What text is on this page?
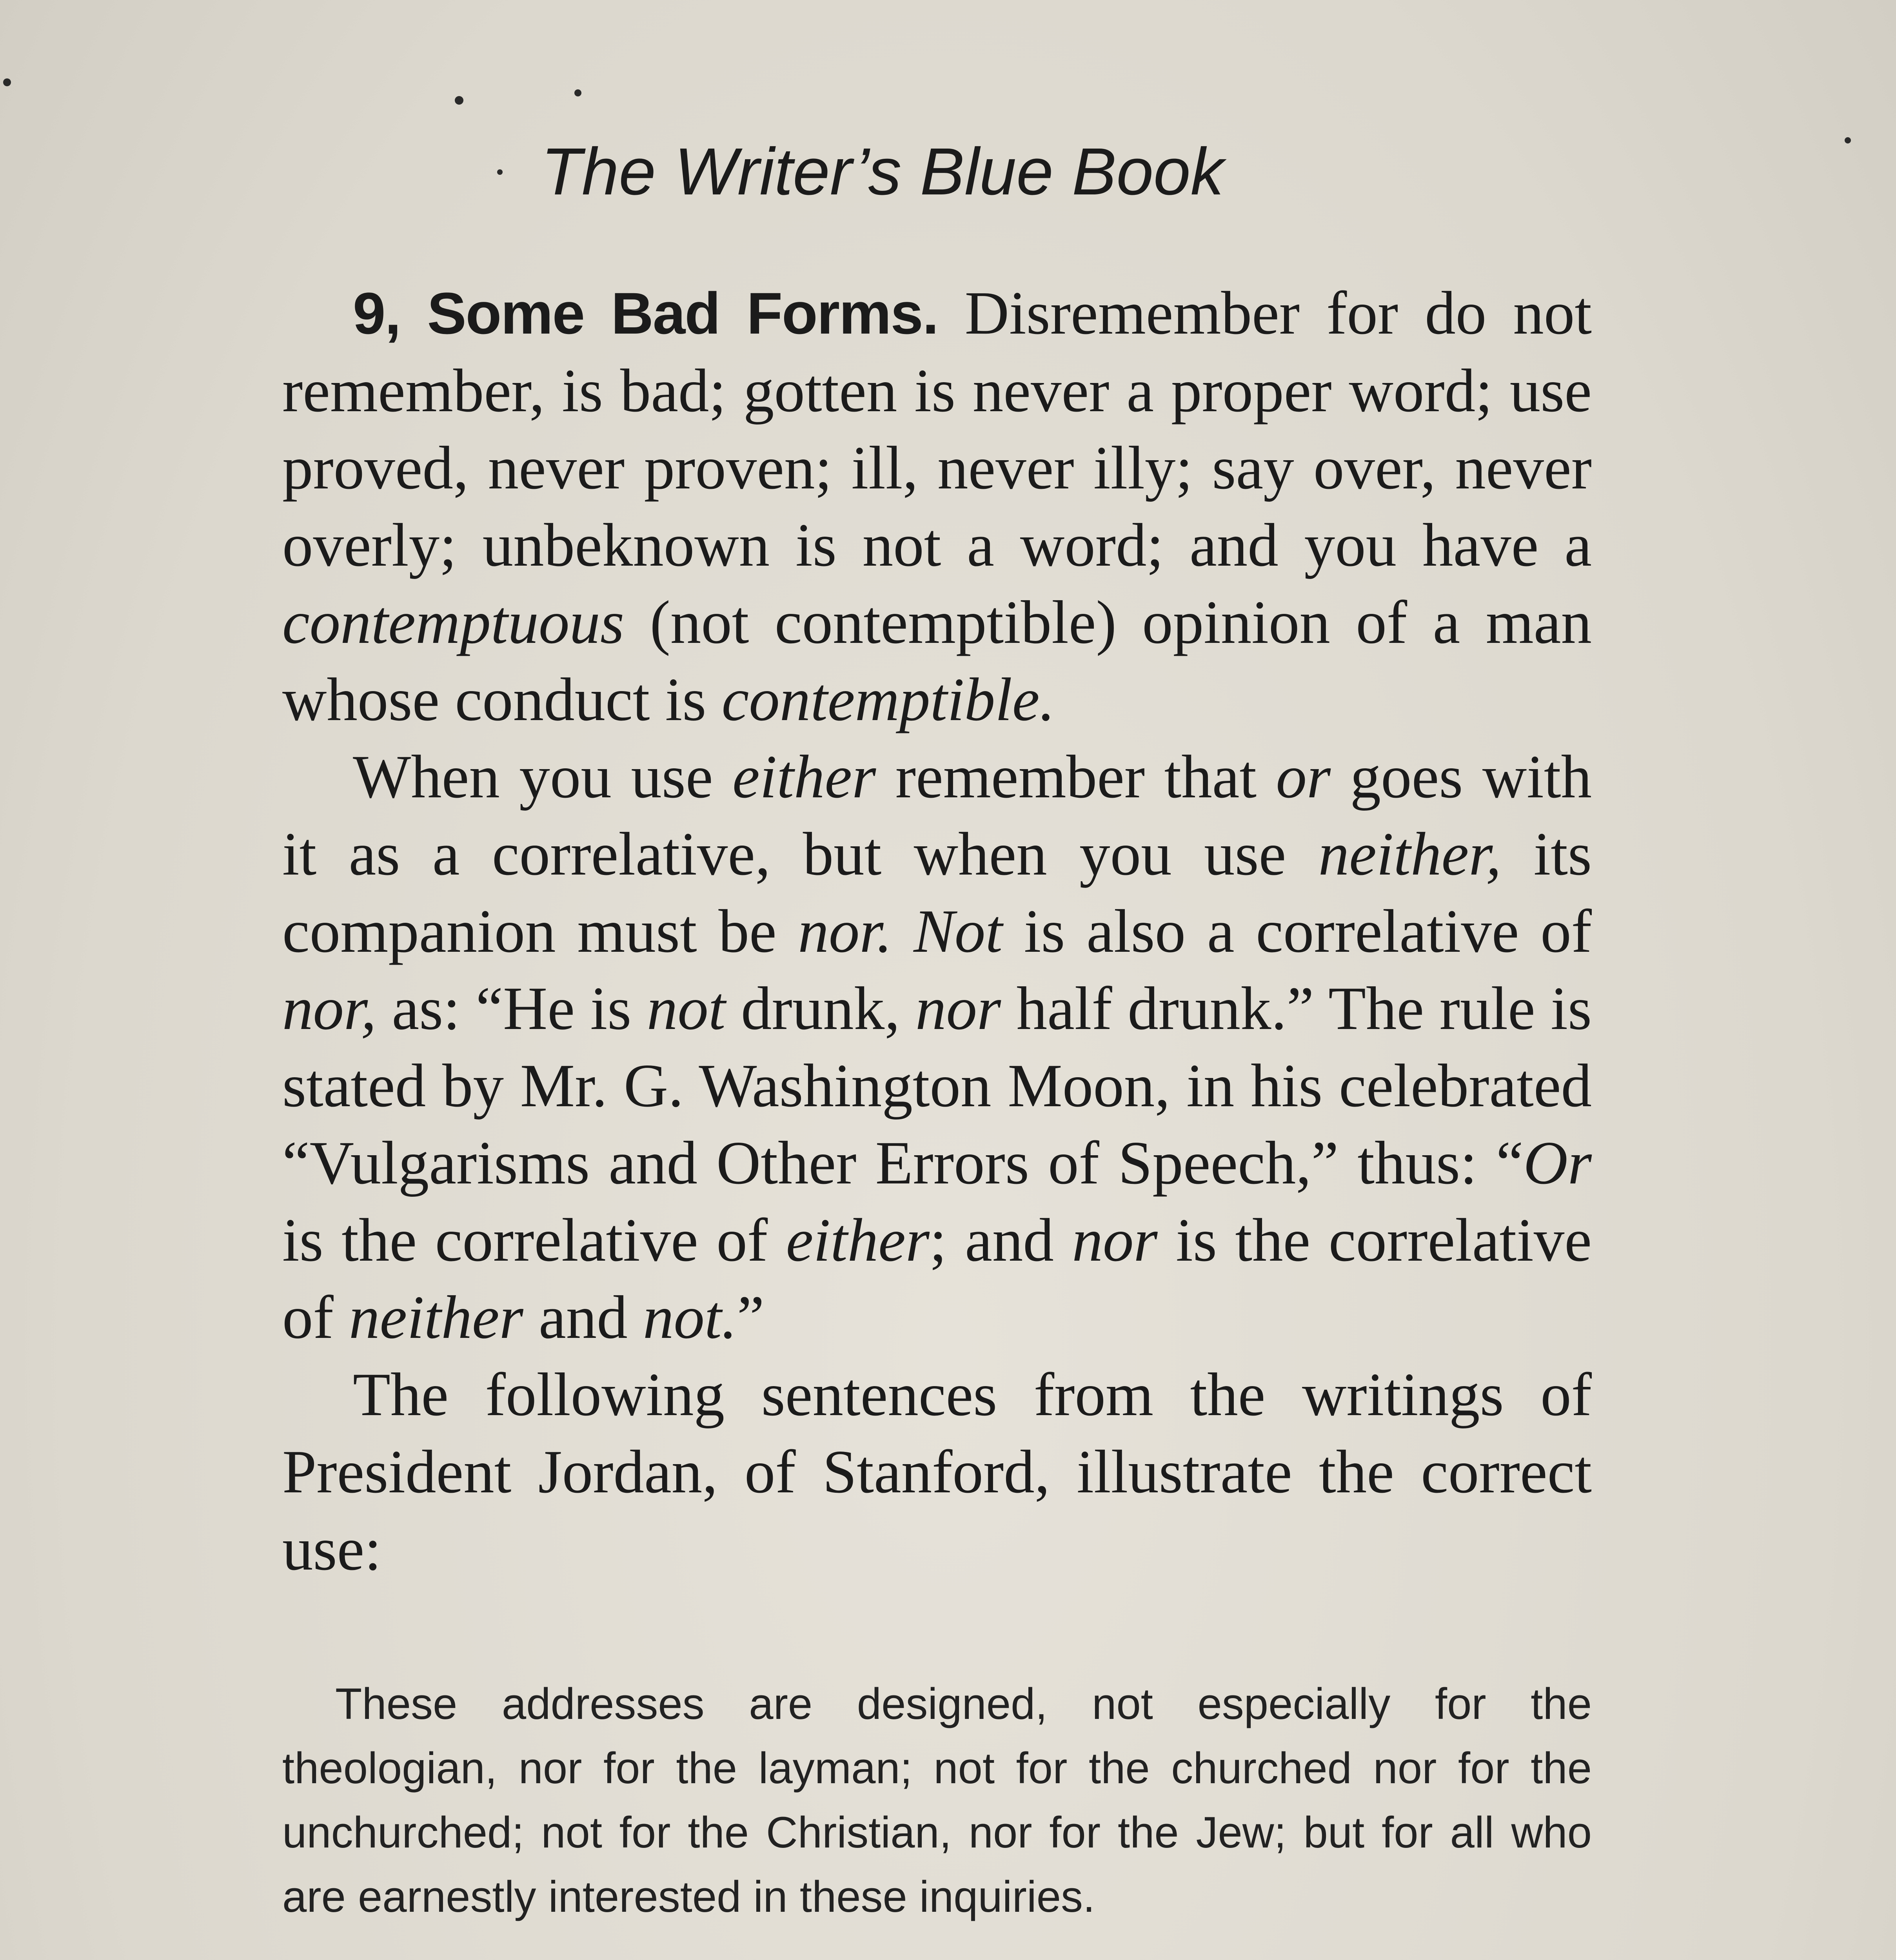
The Writer’s Blue Book

9, Some Bad Forms. Disremember for do not remember, is bad; gotten is never a proper word; use proved, never proven; ill, never illy; say over, never overly; unbeknown is not a word; and you have a contemptuous (not contemptible) opinion of a man whose conduct is contemptible.

When you use either remember that or goes with it as a correlative, but when you use neither, its companion must be nor. Not is also a correlative of nor, as: “He is not drunk, nor half drunk.” The rule is stated by Mr. G. Washington Moon, in his celebrated “Vulgarisms and Other Errors of Speech,” thus: “Or is the correlative of either; and nor is the correlative of neither and not.”

The following sentences from the writings of President Jordan, of Stanford, illustrate the correct use:

These addresses are designed, not especially for the theologian, nor for the layman; not for the churched nor for the unchurched; not for the Christian, nor for the Jew; but for all who are earnestly interested in these inquiries.
